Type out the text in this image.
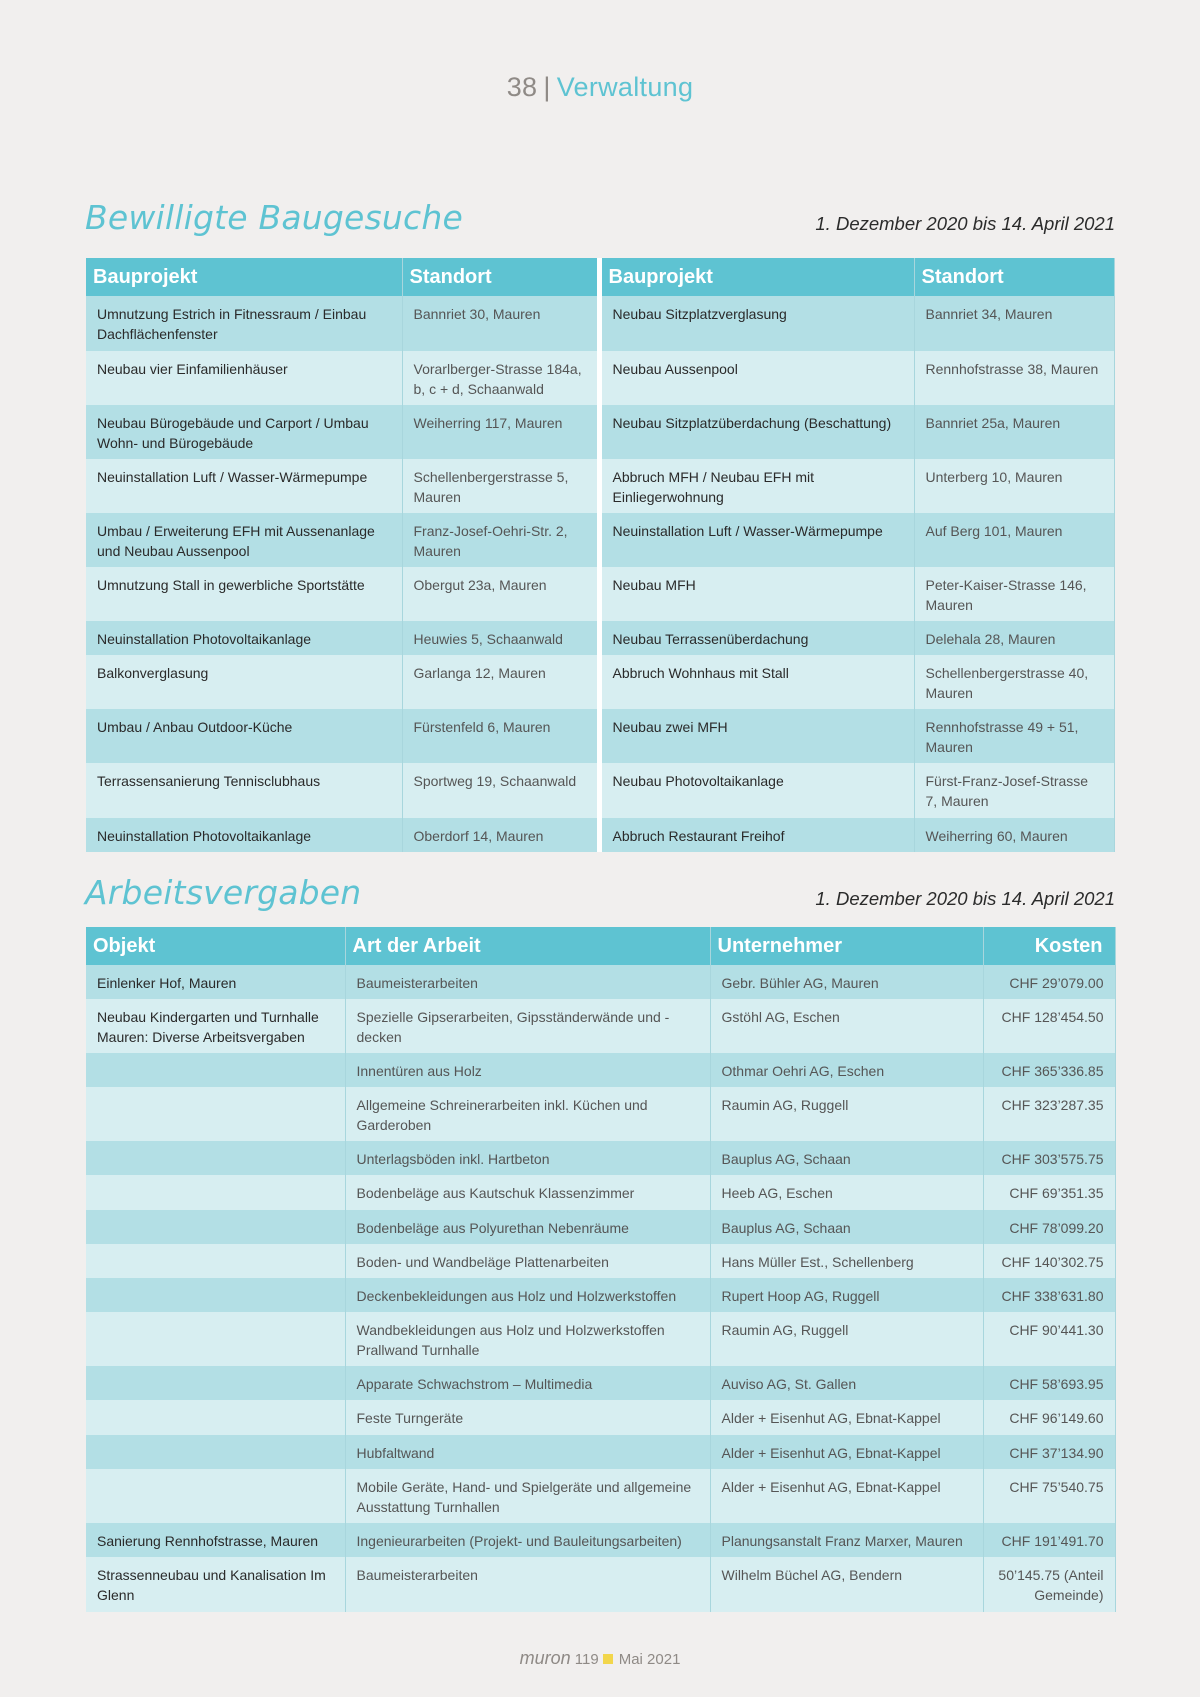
38 | Verwaltung
Bewilligte Baugesuche	1. Dezember 2020 bis 14. April 2021
Bauprojekt	Standort	Bauprojekt	Standort
Umnutzung Estrich in Fitnessraum / Einbau Dachflächenfenster	Bannriet 30, Mauren	Neubau Sitzplatzverglasung	Bannriet 34, Mauren
Neubau vier Einfamilienhäuser	Vorarlberger-Strasse 184a, b, c + d, Schaanwald	Neubau Aussenpool	Rennhofstrasse 38, Mauren
Neubau Bürogebäude und Carport / Umbau Wohn- und Bürogebäude	Weiherring 117, Mauren	Neubau Sitzplatzüberdachung (Beschattung)	Bannriet 25a, Mauren
Neuinstallation Luft / Wasser-Wärmepumpe	Schellenbergerstrasse 5, Mauren	Abbruch MFH / Neubau EFH mit Einliegerwohnung	Unterberg 10, Mauren
Umbau / Erweiterung EFH mit Aussenanlage und Neubau Aussenpool	Franz-Josef-Oehri-Str. 2, Mauren	Neuinstallation Luft / Wasser-Wärmepumpe	Auf Berg 101, Mauren
Umnutzung Stall in gewerbliche Sportstätte	Obergut 23a, Mauren	Neubau MFH	Peter-Kaiser-Strasse 146, Mauren
Neuinstallation Photovoltaikanlage	Heuwies 5, Schaanwald	Neubau Terrassenüberdachung	Delehala 28, Mauren
Balkonverglasung	Garlanga 12, Mauren	Abbruch Wohnhaus mit Stall	Schellenbergerstrasse 40, Mauren
Umbau / Anbau Outdoor-Küche	Fürstenfeld 6, Mauren	Neubau zwei MFH	Rennhofstrasse 49 + 51, Mauren
Terrassensanierung Tennisclubhaus	Sportweg 19, Schaanwald	Neubau Photovoltaikanlage	Fürst-Franz-Josef-Strasse 7, Mauren
Neuinstallation Photovoltaikanlage	Oberdorf 14, Mauren	Abbruch Restaurant Freihof	Weiherring 60, Mauren
Arbeitsvergaben	1. Dezember 2020 bis 14. April 2021
Objekt	Art der Arbeit	Unternehmer	Kosten
Einlenker Hof, Mauren	Baumeisterarbeiten	Gebr. Bühler AG, Mauren	CHF 29’079.00
Neubau Kindergarten und Turnhalle Mauren: Diverse Arbeitsvergaben	Spezielle Gipserarbeiten, Gipsständerwände und -decken	Gstöhl AG, Eschen	CHF 128’454.50
	Innentüren aus Holz	Othmar Oehri AG, Eschen	CHF 365’336.85
	Allgemeine Schreinerarbeiten inkl. Küchen und Garderoben	Raumin AG, Ruggell	CHF 323’287.35
	Unterlagsböden inkl. Hartbeton	Bauplus AG, Schaan	CHF 303’575.75
	Bodenbeläge aus Kautschuk Klassenzimmer	Heeb AG, Eschen	CHF 69’351.35
	Bodenbeläge aus Polyurethan Nebenräume	Bauplus AG, Schaan	CHF 78’099.20
	Boden- und Wandbeläge Plattenarbeiten	Hans Müller Est., Schellenberg	CHF 140’302.75
	Deckenbekleidungen aus Holz und Holzwerkstoffen	Rupert Hoop AG, Ruggell	CHF 338’631.80
	Wandbekleidungen aus Holz und Holzwerkstoffen Prallwand Turnhalle	Raumin AG, Ruggell	CHF 90’441.30
	Apparate Schwachstrom – Multimedia	Auviso AG, St. Gallen	CHF 58’693.95
	Feste Turngeräte	Alder + Eisenhut AG, Ebnat-Kappel	CHF 96’149.60
	Hubfaltwand	Alder + Eisenhut AG, Ebnat-Kappel	CHF 37’134.90
	Mobile Geräte, Hand- und Spielgeräte und allgemeine Ausstattung Turnhallen	Alder + Eisenhut AG, Ebnat-Kappel	CHF 75’540.75
Sanierung Rennhofstrasse, Mauren	Ingenieurarbeiten (Projekt- und Bauleitungsarbeiten)	Planungsanstalt Franz Marxer, Mauren	CHF 191’491.70
Strassenneubau und Kanalisation Im Glenn	Baumeisterarbeiten	Wilhelm Büchel AG, Bendern	50’145.75 (Anteil Gemeinde)
muron 119 Mai 2021
